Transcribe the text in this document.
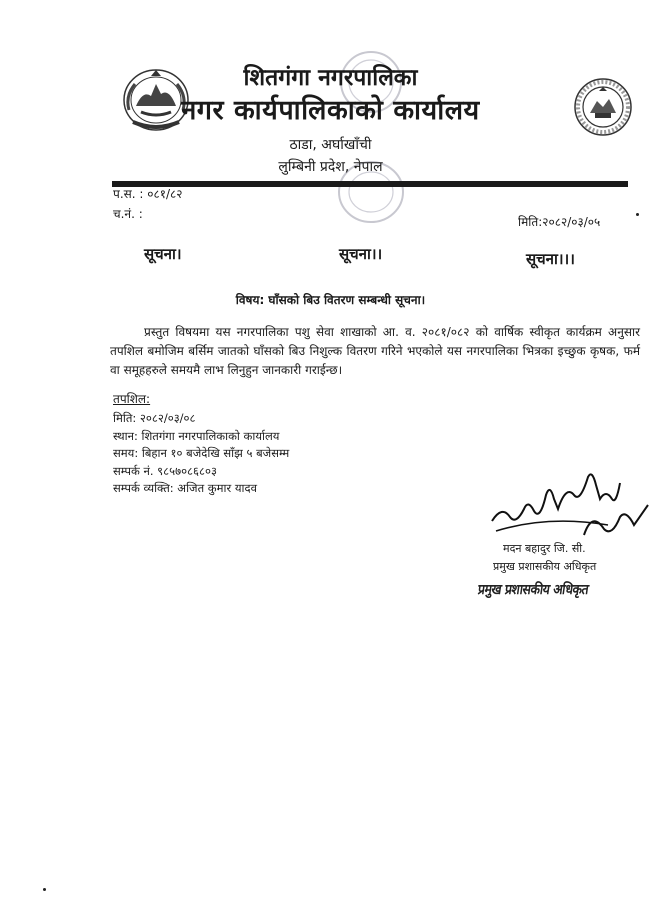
शितगंगा नगरपालिका
नगर कार्यपालिकाको कार्यालय
ठाडा, अर्घाखाँची
लुम्बिनी प्रदेश, नेपाल
प.स. : ०८१/८२
च.नं. :
मिति:२०८२/०३/०५
सूचना।	सूचना।।	सूचना।।।
विषय: घाँसको बिउ वितरण सम्बन्धी सूचना।
प्रस्तुत विषयमा यस नगरपालिका पशु सेवा शाखाको आ. व. २०८१/०८२ को वार्षिक स्वीकृत कार्यक्रम अनुसार तपशिल बमोजिम बर्सिम जातको घाँसको बिउ निशुल्क वितरण गरिने भएकोले यस नगरपालिका भित्रका इच्छुक कृषक, फर्म वा समूहहरुले समयमै लाभ लिनुहुन जानकारी गराईन्छ।
तपशिल:
मिति: २०८२/०३/०८
स्थान: शितगंगा नगरपालिकाको कार्यालय
समय: बिहान १० बजेदेखि साँझ ५ बजेसम्म
सम्पर्क नं. ९८५७०८६८०३
सम्पर्क व्यक्ति: अजित कुमार यादव
मदन बहादुर जि. सी.
प्रमुख प्रशासकीय अधिकृत
प्रमुख प्रशासकीय अधिकृत
